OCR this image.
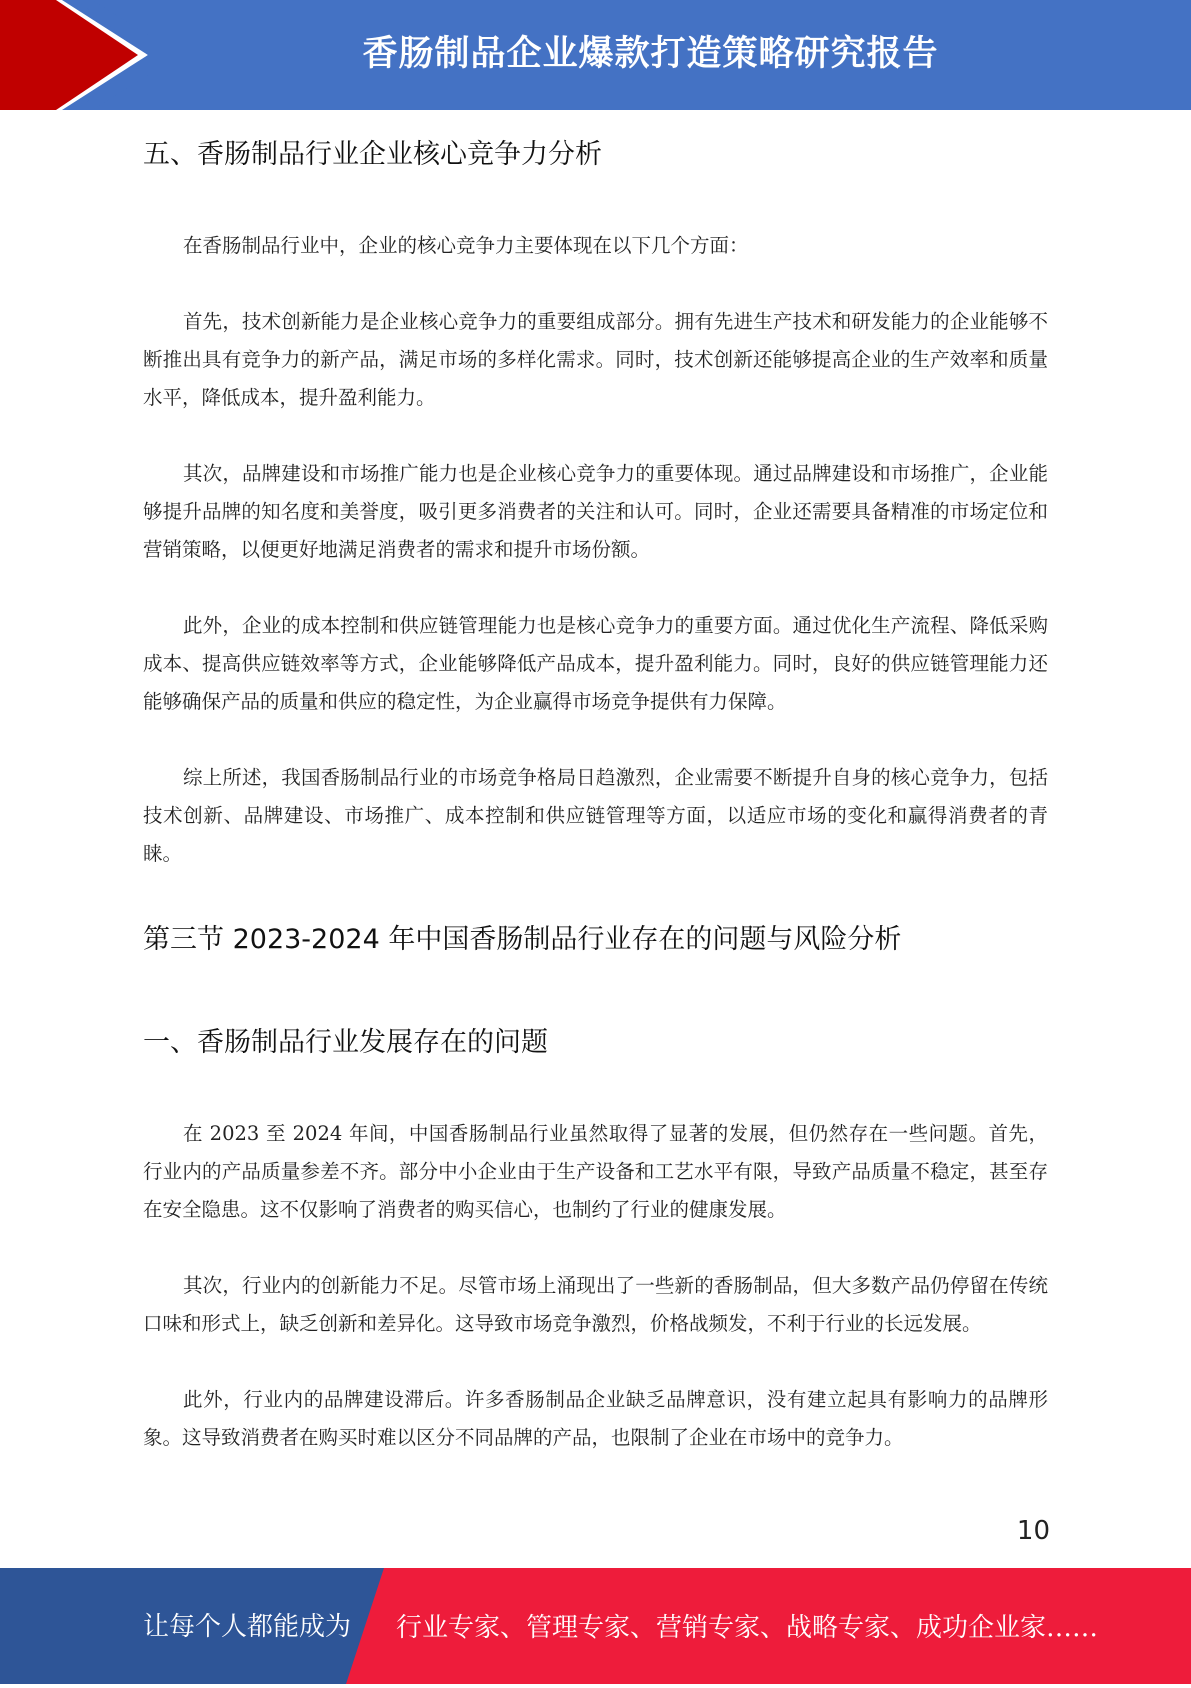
香肠制品企业爆款打造策略研究报告
五、香肠制品行业企业核心竞争力分析

在香肠制品行业中，企业的核心竞争力主要体现在以下几个方面：

首先，技术创新能力是企业核心竞争力的重要组成部分。拥有先进生产技术和研发能力的企业能够不断推出具有竞争力的新产品，满足市场的多样化需求。同时，技术创新还能够提高企业的生产效率和质量水平，降低成本，提升盈利能力。

其次，品牌建设和市场推广能力也是企业核心竞争力的重要体现。通过品牌建设和市场推广，企业能够提升品牌的知名度和美誉度，吸引更多消费者的关注和认可。同时，企业还需要具备精准的市场定位和营销策略，以便更好地满足消费者的需求和提升市场份额。

此外，企业的成本控制和供应链管理能力也是核心竞争力的重要方面。通过优化生产流程、降低采购成本、提高供应链效率等方式，企业能够降低产品成本，提升盈利能力。同时，良好的供应链管理能力还能够确保产品的质量和供应的稳定性，为企业赢得市场竞争提供有力保障。

综上所述，我国香肠制品行业的市场竞争格局日趋激烈，企业需要不断提升自身的核心竞争力，包括技术创新、品牌建设、市场推广、成本控制和供应链管理等方面，以适应市场的变化和赢得消费者的青睐。

第三节 2023-2024 年中国香肠制品行业存在的问题与风险分析
一、香肠制品行业发展存在的问题

在 2023 至 2024 年间，中国香肠制品行业虽然取得了显著的发展，但仍然存在一些问题。首先，行业内的产品质量参差不齐。部分中小企业由于生产设备和工艺水平有限，导致产品质量不稳定，甚至存在安全隐患。这不仅影响了消费者的购买信心，也制约了行业的健康发展。

其次，行业内的创新能力不足。尽管市场上涌现出了一些新的香肠制品，但大多数产品仍停留在传统口味和形式上，缺乏创新和差异化。这导致市场竞争激烈，价格战频发，不利于行业的长远发展。

此外，行业内的品牌建设滞后。许多香肠制品企业缺乏品牌意识，没有建立起具有影响力的品牌形象。这导致消费者在购买时难以区分不同品牌的产品，也限制了企业在市场中的竞争力。

10
让每个人都能成为 行业专家、管理专家、营销专家、战略专家、成功企业家……
